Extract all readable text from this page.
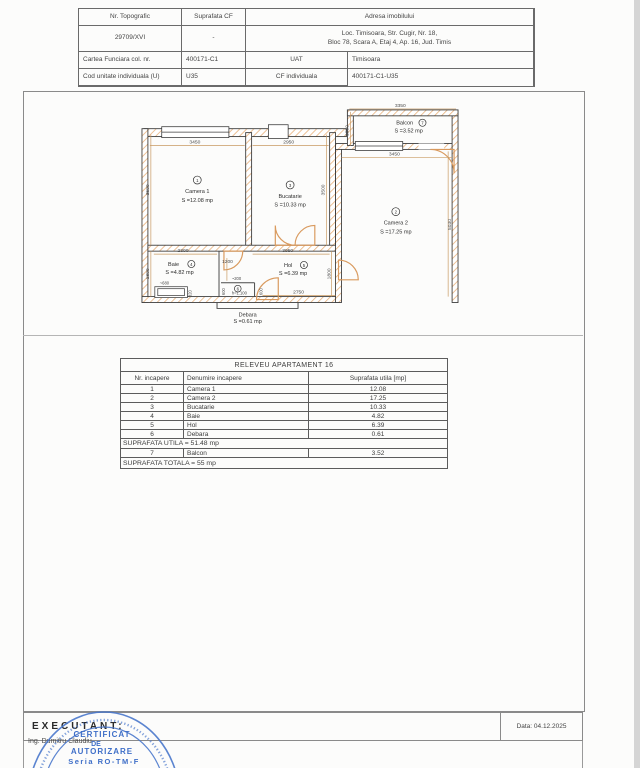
Nr. Topografic	Suprafata CF	Adresa imobilului
29709/XVI	-
Loc. Timisoara, Str. Cugir, Nr. 18,
Bloc 78, Scara A, Etaj 4, Ap. 16, Jud. Timis
Cartea Funciara col. nr.	400171-C1	UAT	Timisoara
Cod unitate individuala (U)	U35	CF individuala	400171-C1-U35
3450	2950
3350
3450
1050
3500	3500
5030
1800	1800
2300	3950
1200
~680
320
~200
600	600
h=1.100	2750
1
Camera 1
S =12.08 mp
3
Bucatarie
S =10.33 mp
2
Camera 2
S =17.25 mp
Balcon 7
S =3.52 mp
Baie	4
S =4.82 mp
Hol 5
S =6.39 mp
6
Debara
S =0.61 mp
RELEVEU APARTAMENT 16
Nr. incapere	Denumire incapere	Suprafata utila [mp]
1	Camera 1	12.08
2	Camera 2	17.25
3	Bucatarie	10.33
4	Baie	4.82
5	Hol	6.39
6	Debara	0.61
SUPRAFATA UTILA = 51.48 mp
7	Balcon	3.52
SUPRAFATA TOTALA = 55 mp
EXECUTANT:	Data: 04.12.2025
Ing. Dumitru Claudiu
CERTIFICAT
DE
AUTORIZARE
Seria RO-TM-F
